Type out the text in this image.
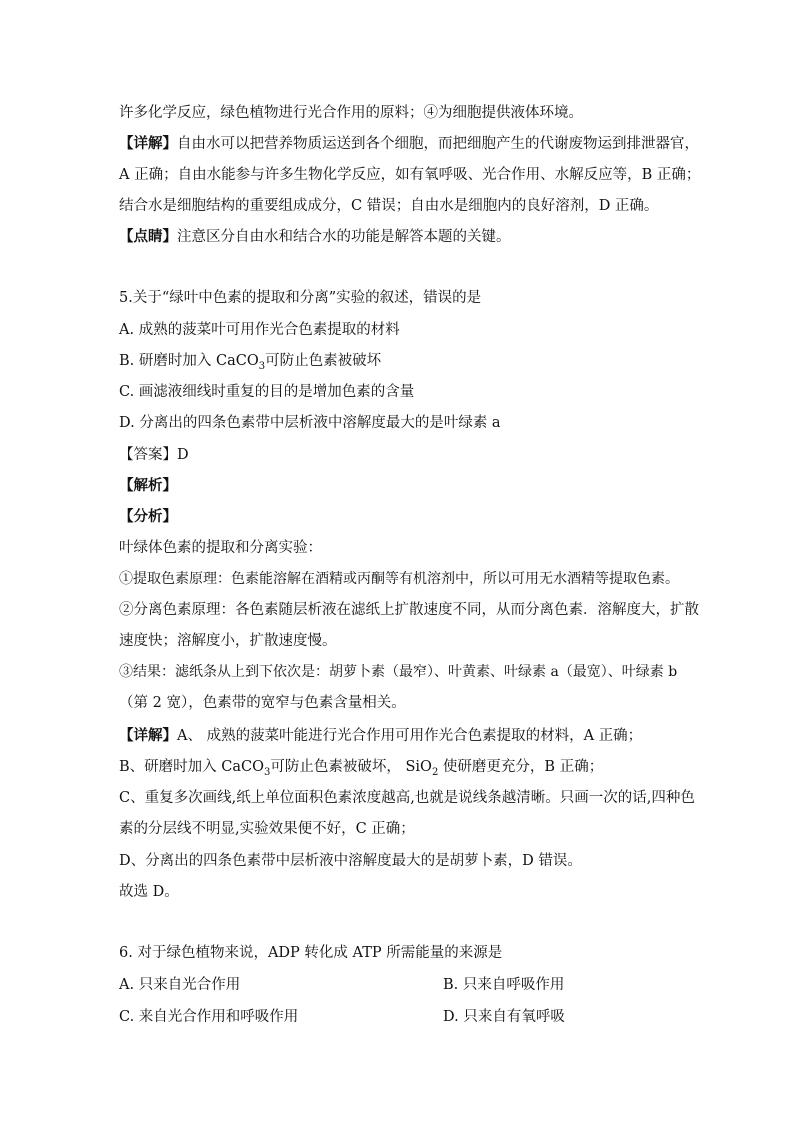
许多化学反应，绿色植物进行光合作用的原料；④为细胞提供液体环境。
【详解】自由水可以把营养物质运送到各个细胞，而把细胞产生的代谢废物运到排泄器官，
A 正确；自由水能参与许多生物化学反应，如有氧呼吸、光合作用、水解反应等，B 正确；
结合水是细胞结构的重要组成成分，C 错误；自由水是细胞内的良好溶剂，D 正确。
【点睛】注意区分自由水和结合水的功能是解答本题的关键。
5.关于“绿叶中色素的提取和分离”实验的叙述，错误的是
A. 成熟的菠菜叶可用作光合色素提取的材料
B. 研磨时加入 CaCO$_3$可防止色素被破坏
C. 画滤液细线时重复的目的是增加色素的含量
D. 分离出的四条色素带中层析液中溶解度最大的是叶绿素 a
【答案】D
【解析】
【分析】
叶绿体色素的提取和分离实验：
①提取色素原理：色素能溶解在酒精或丙酮等有机溶剂中，所以可用无水酒精等提取色素。
②分离色素原理：各色素随层析液在滤纸上扩散速度不同，从而分离色素．溶解度大，扩散
速度快；溶解度小，扩散速度慢。
③结果：滤纸条从上到下依次是：胡萝卜素（最窄）、叶黄素、叶绿素 a（最宽）、叶绿素 b
（第 2 宽），色素带的宽窄与色素含量相关。
【详解】A、 成熟的菠菜叶能进行光合作用可用作光合色素提取的材料，A 正确；
B、研磨时加入 CaCO$_3$可防止色素被破坏， SiO$_2$ 使研磨更充分，B 正确；
C、重复多次画线,纸上单位面积色素浓度越高,也就是说线条越清晰。只画一次的话,四种色
素的分层线不明显,实验效果便不好，C 正确；
D、分离出的四条色素带中层析液中溶解度最大的是胡萝卜素，D 错误。
故选 D。
6. 对于绿色植物来说，ADP 转化成 ATP 所需能量的来源是
A. 只来自光合作用	B. 只来自呼吸作用
C. 来自光合作用和呼吸作用	D. 只来自有氧呼吸
